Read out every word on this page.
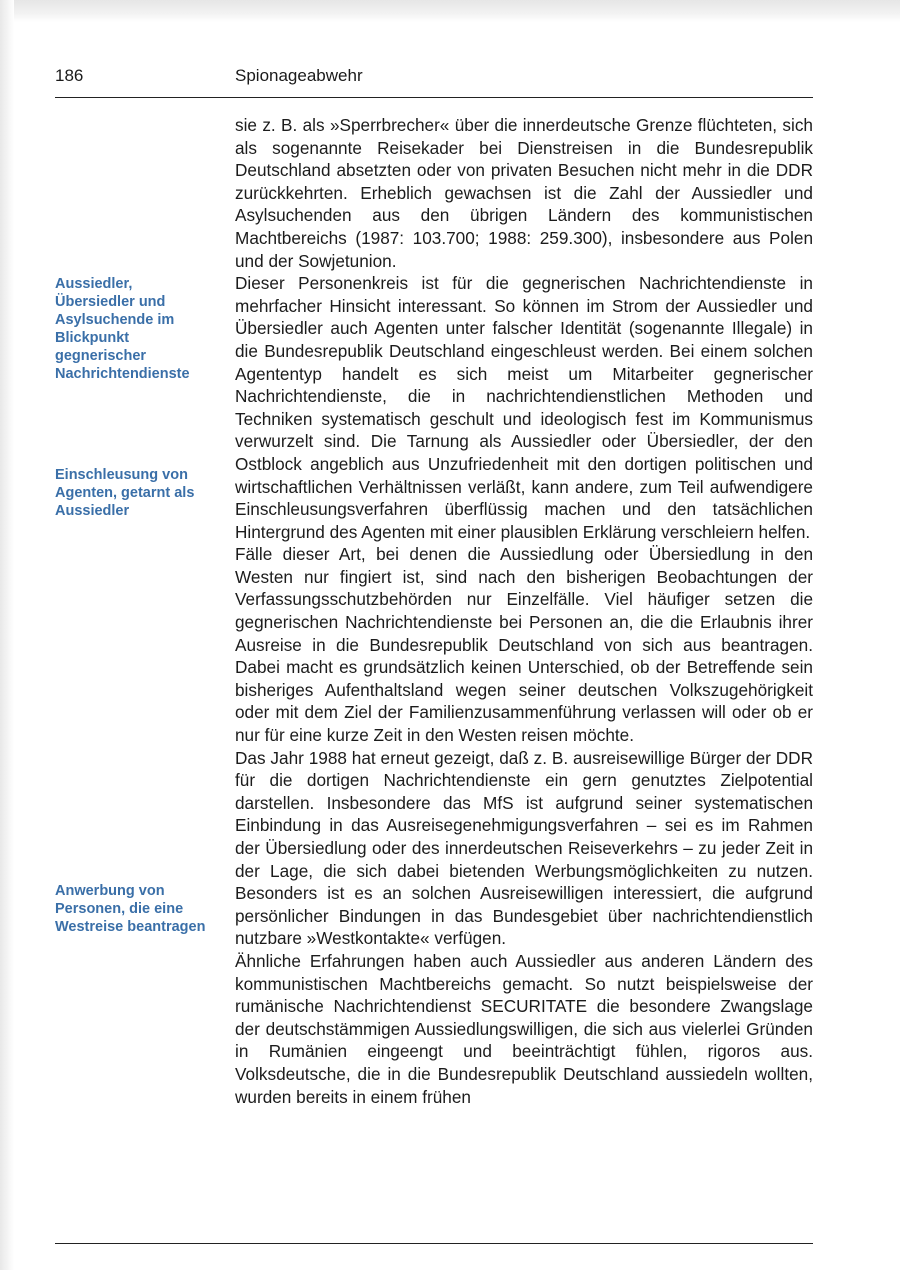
186	Spionageabwehr

Aussiedler, Übersiedler und Asylsuchende im Blickpunkt gegnerischer Nachrichtendienste

Einschleusung von Agenten, getarnt als Aussiedler

Anwerbung von Personen, die eine Westreise beantragen

sie z. B. als »Sperrbrecher« über die innerdeutsche Grenze flüchteten, sich als sogenannte Reisekader bei Dienstreisen in die Bundesrepublik Deutschland absetzten oder von privaten Besuchen nicht mehr in die DDR zurückkehrten. Erheblich gewachsen ist die Zahl der Aussiedler und Asylsuchenden aus den übrigen Ländern des kommunistischen Machtbereichs (1987: 103.700; 1988: 259.300), insbesondere aus Polen und der Sowjetunion.

Dieser Personenkreis ist für die gegnerischen Nachrichtendienste in mehrfacher Hinsicht interessant. So können im Strom der Aussiedler und Übersiedler auch Agenten unter falscher Identität (sogenannte Illegale) in die Bundesrepublik Deutschland eingeschleust werden. Bei einem solchen Agententyp handelt es sich meist um Mitarbeiter gegnerischer Nachrichtendienste, die in nachrichtendienstlichen Methoden und Techniken systematisch geschult und ideologisch fest im Kommunismus verwurzelt sind. Die Tarnung als Aussiedler oder Übersiedler, der den Ostblock angeblich aus Unzufriedenheit mit den dortigen politischen und wirtschaftlichen Verhältnissen verläßt, kann andere, zum Teil aufwendigere Einschleusungsverfahren überflüssig machen und den tatsächlichen Hintergrund des Agenten mit einer plausiblen Erklärung verschleiern helfen.

Fälle dieser Art, bei denen die Aussiedlung oder Übersiedlung in den Westen nur fingiert ist, sind nach den bisherigen Beobachtungen der Verfassungsschutzbehörden nur Einzelfälle. Viel häufiger setzen die gegnerischen Nachrichtendienste bei Personen an, die die Erlaubnis ihrer Ausreise in die Bundesrepublik Deutschland von sich aus beantragen. Dabei macht es grundsätzlich keinen Unterschied, ob der Betreffende sein bisheriges Aufenthaltsland wegen seiner deutschen Volkszugehörigkeit oder mit dem Ziel der Familienzusammenführung verlassen will oder ob er nur für eine kurze Zeit in den Westen reisen möchte.

Das Jahr 1988 hat erneut gezeigt, daß z. B. ausreisewillige Bürger der DDR für die dortigen Nachrichtendienste ein gern genutztes Zielpotential darstellen. Insbesondere das MfS ist aufgrund seiner systematischen Einbindung in das Ausreisegenehmigungsverfahren – sei es im Rahmen der Übersiedlung oder des innerdeutschen Reiseverkehrs – zu jeder Zeit in der Lage, die sich dabei bietenden Werbungsmöglichkeiten zu nutzen. Besonders ist es an solchen Ausreisewilligen interessiert, die aufgrund persönlicher Bindungen in das Bundesgebiet über nachrichtendienstlich nutzbare »Westkontakte« verfügen.

Ähnliche Erfahrungen haben auch Aussiedler aus anderen Ländern des kommunistischen Machtbereichs gemacht. So nutzt beispielsweise der rumänische Nachrichtendienst SECURITATE die besondere Zwangslage der deutschstämmigen Aussiedlungswilligen, die sich aus vielerlei Gründen in Rumänien eingeengt und beeinträchtigt fühlen, rigoros aus. Volksdeutsche, die in die Bundesrepublik Deutschland aussiedeln wollten, wurden bereits in einem frühen
